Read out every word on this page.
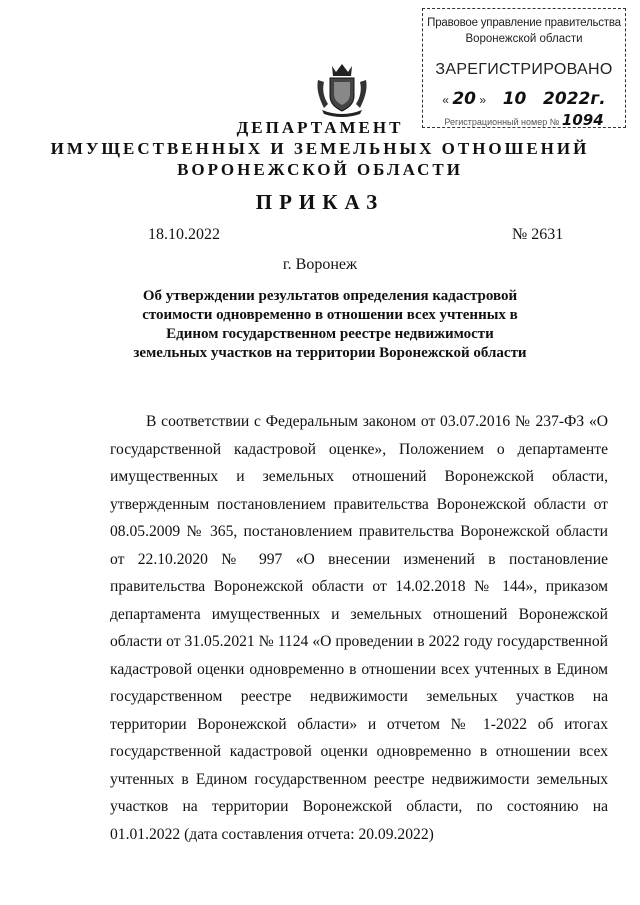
Правовое управление правительства
Воронежской области
ЗАРЕГИСТРИРОВАНО
« 20 » 10 2022г.
Регистрационный номер № 1094
ДЕПАРТАМЕНТ
ИМУЩЕСТВЕННЫХ И ЗЕМЕЛЬНЫХ ОТНОШЕНИЙ
ВОРОНЕЖСКОЙ ОБЛАСТИ
ПРИКАЗ
18.10.2022	№ 2631
г. Воронеж
Об утверждении результатов определения кадастровой стоимости одновременно в отношении всех учтенных в Едином государственном реестре недвижимости земельных участков на территории Воронежской области

В соответствии с Федеральным законом от 03.07.2016 № 237-ФЗ «О государственной кадастровой оценке», Положением о департаменте имущественных и земельных отношений Воронежской области, утвержденным постановлением правительства Воронежской области от 08.05.2009 № 365, постановлением правительства Воронежской области от 22.10.2020 № 997 «О внесении изменений в постановление правительства Воронежской области от 14.02.2018 № 144», приказом департамента имущественных и земельных отношений Воронежской области от 31.05.2021 № 1124 «О проведении в 2022 году государственной кадастровой оценки одновременно в отношении всех учтенных в Едином государственном реестре недвижимости земельных участков на территории Воронежской области» и отчетом № 1-2022 об итогах государственной кадастровой оценки одновременно в отношении всех учтенных в Едином государственном реестре недвижимости земельных участков на территории Воронежской области, по состоянию на 01.01.2022 (дата составления отчета: 20.09.2022)
